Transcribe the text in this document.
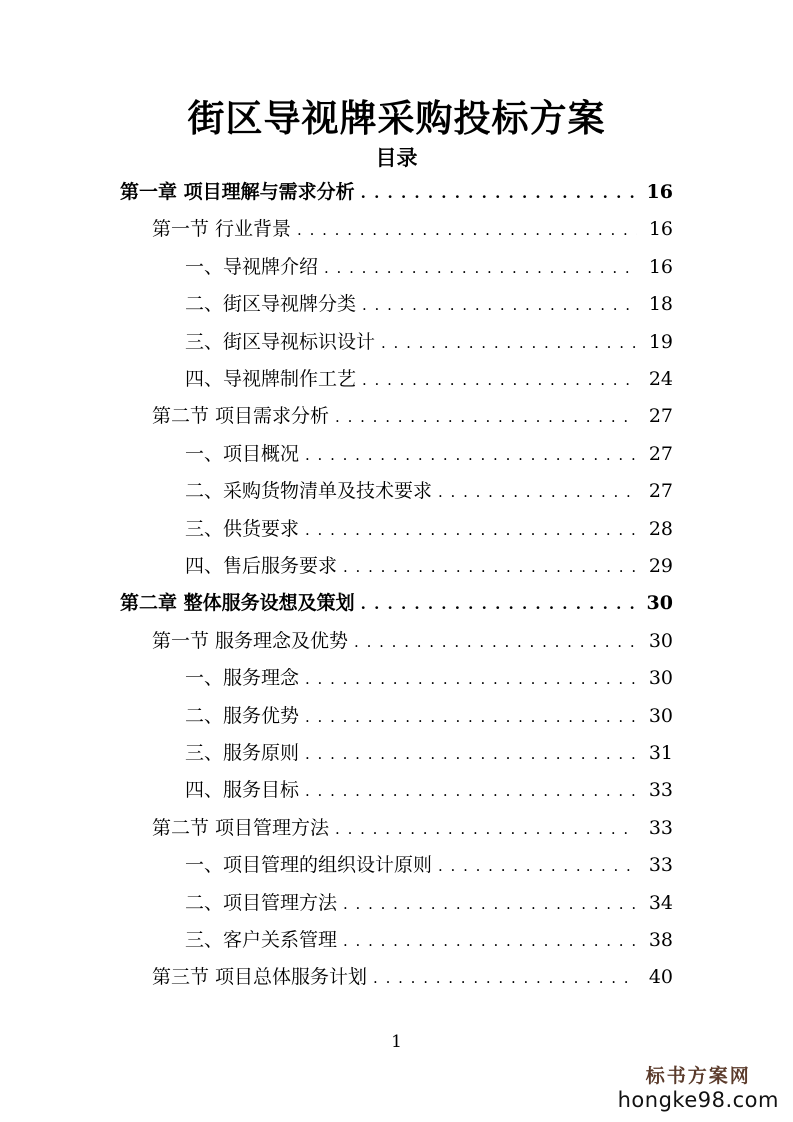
街区导视牌采购投标方案
目录
第一章 项目理解与需求分析 . . .	16
第一节 行业背景 . . .	16
一、导视牌介绍 . . .	16
二、街区导视牌分类 . . .	18
三、街区导视标识设计 . . .	19
四、导视牌制作工艺 . . .	24
第二节 项目需求分析 . . .	27
一、项目概况 . . .	27
二、采购货物清单及技术要求 . . .	27
三、供货要求 . . .	28
四、售后服务要求 . . .	29
第二章 整体服务设想及策划 . . .	30
第一节 服务理念及优势 . . .	30
一、服务理念 . . .	30
二、服务优势 . . .	30
三、服务原则 . . .	31
四、服务目标 . . .	33
第二节 项目管理方法 . . .	33
一、项目管理的组织设计原则 . . .	33
二、项目管理方法 . . .	34
三、客户关系管理 . . .	38
第三节 项目总体服务计划 . . .	40
1
标书方案网
hongke98.com
